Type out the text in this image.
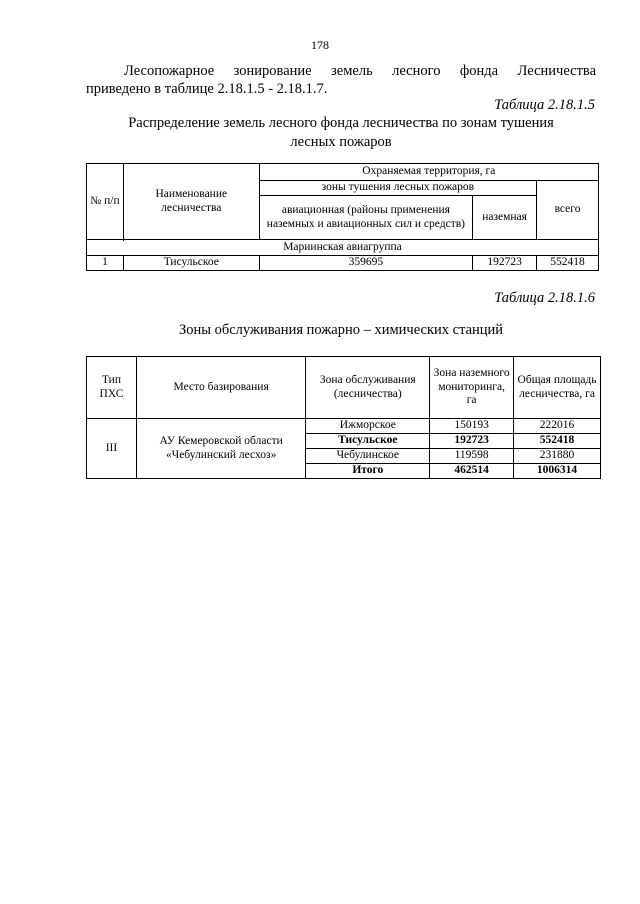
178
Лесопожарное зонирование земель лесного фонда Лесничества
приведено в таблице 2.18.1.5 - 2.18.1.7.
Таблица 2.18.1.5
Распределение земель лесного фонда лесничества по зонам тушения
лесных пожаров
№ п/п	Наименование лесничества	Охраняемая территория, га		
		зоны тушения лесных пожаров		всего
		авиационная (районы применения наземных и авиационных сил и средств)	наземная	

Мариинская авиагруппа				
1	Тисульское	359695	192723	552418
Таблица 2.18.1.6
Зоны обслуживания пожарно – химических станций
Тип ПХС	Место базирования	Зона обслуживания (лесничества)	Зона наземного мониторинга, га	Общая площадь лесничества, га
III	АУ Кемеровской области «Чебулинский лесхоз»	Ижморское	150193	222016
		Тисульское	192723	552418
		Чебулинское	119598	231880
		Итого	462514	1006314
